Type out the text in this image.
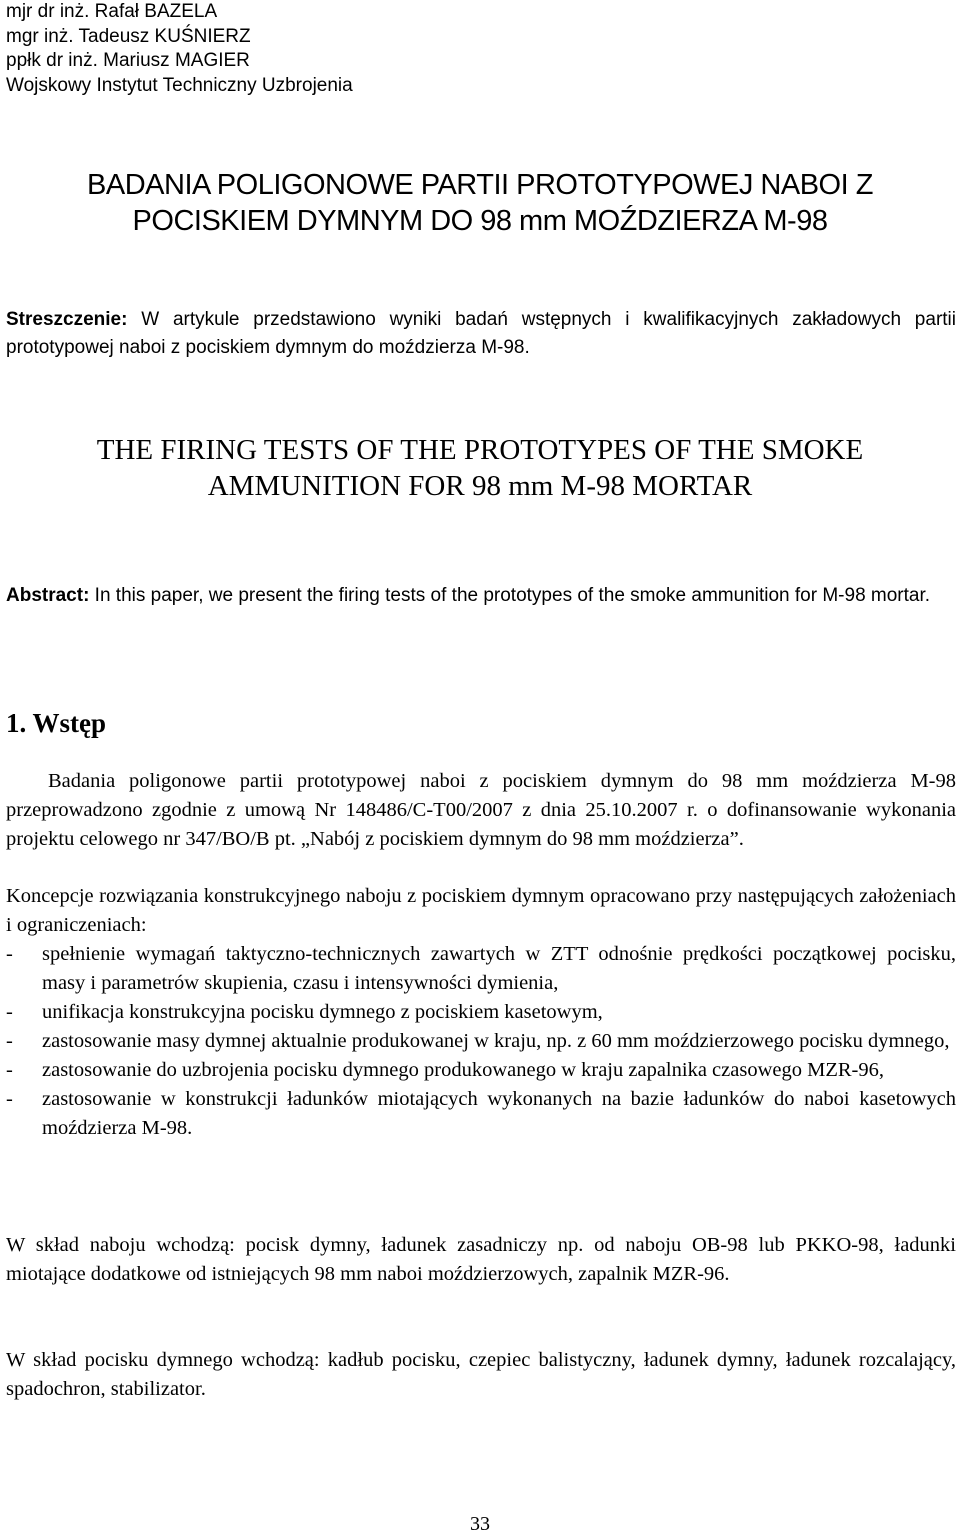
mjr dr inż. Rafał BAZELA
mgr inż. Tadeusz KUŚNIERZ
ppłk dr inż. Mariusz MAGIER
Wojskowy Instytut Techniczny Uzbrojenia
BADANIA POLIGONOWE PARTII PROTOTYPOWEJ NABOI Z
POCISKIEM DYMNYM DO 98 mm MOŹDZIERZA M-98
Streszczenie: W artykule przedstawiono wyniki badań wstępnych i kwalifikacyjnych zakładowych partii prototypowej naboi z pociskiem dymnym do moździerza M-98.
THE FIRING TESTS OF THE PROTOTYPES OF THE SMOKE
AMMUNITION FOR 98 mm M-98 MORTAR
Abstract: In this paper, we present the firing tests of the prototypes of the smoke ammunition for M-98 mortar.
1. Wstęp
Badania poligonowe partii prototypowej naboi z pociskiem dymnym do 98 mm moździerza M-98 przeprowadzono zgodnie z umową Nr 148486/C-T00/2007 z dnia 25.10.2007 r. o dofinansowanie wykonania projektu celowego nr 347/BO/B pt. „Nabój z pociskiem dymnym do 98 mm moździerza”.
Koncepcje rozwiązania konstrukcyjnego naboju z pociskiem dymnym opracowano przy następujących założeniach i ograniczeniach:
- spełnienie wymagań taktyczno-technicznych zawartych w ZTT odnośnie prędkości początkowej pocisku, masy i parametrów skupienia, czasu i intensywności dymienia,
- unifikacja konstrukcyjna pocisku dymnego z pociskiem kasetowym,
- zastosowanie masy dymnej aktualnie produkowanej w kraju, np. z 60 mm moździerzowego pocisku dymnego,
- zastosowanie do uzbrojenia pocisku dymnego produkowanego w kraju zapalnika czasowego MZR-96,
- zastosowanie w konstrukcji ładunków miotających wykonanych na bazie ładunków do naboi kasetowych moździerza M-98.
W skład naboju wchodzą: pocisk dymny, ładunek zasadniczy np. od naboju OB-98 lub PKKO-98, ładunki miotające dodatkowe od istniejących 98 mm naboi moździerzowych, zapalnik MZR-96.
W skład pocisku dymnego wchodzą: kadłub pocisku, czepiec balistyczny, ładunek dymny, ładunek rozcalający, spadochron, stabilizator.
33
